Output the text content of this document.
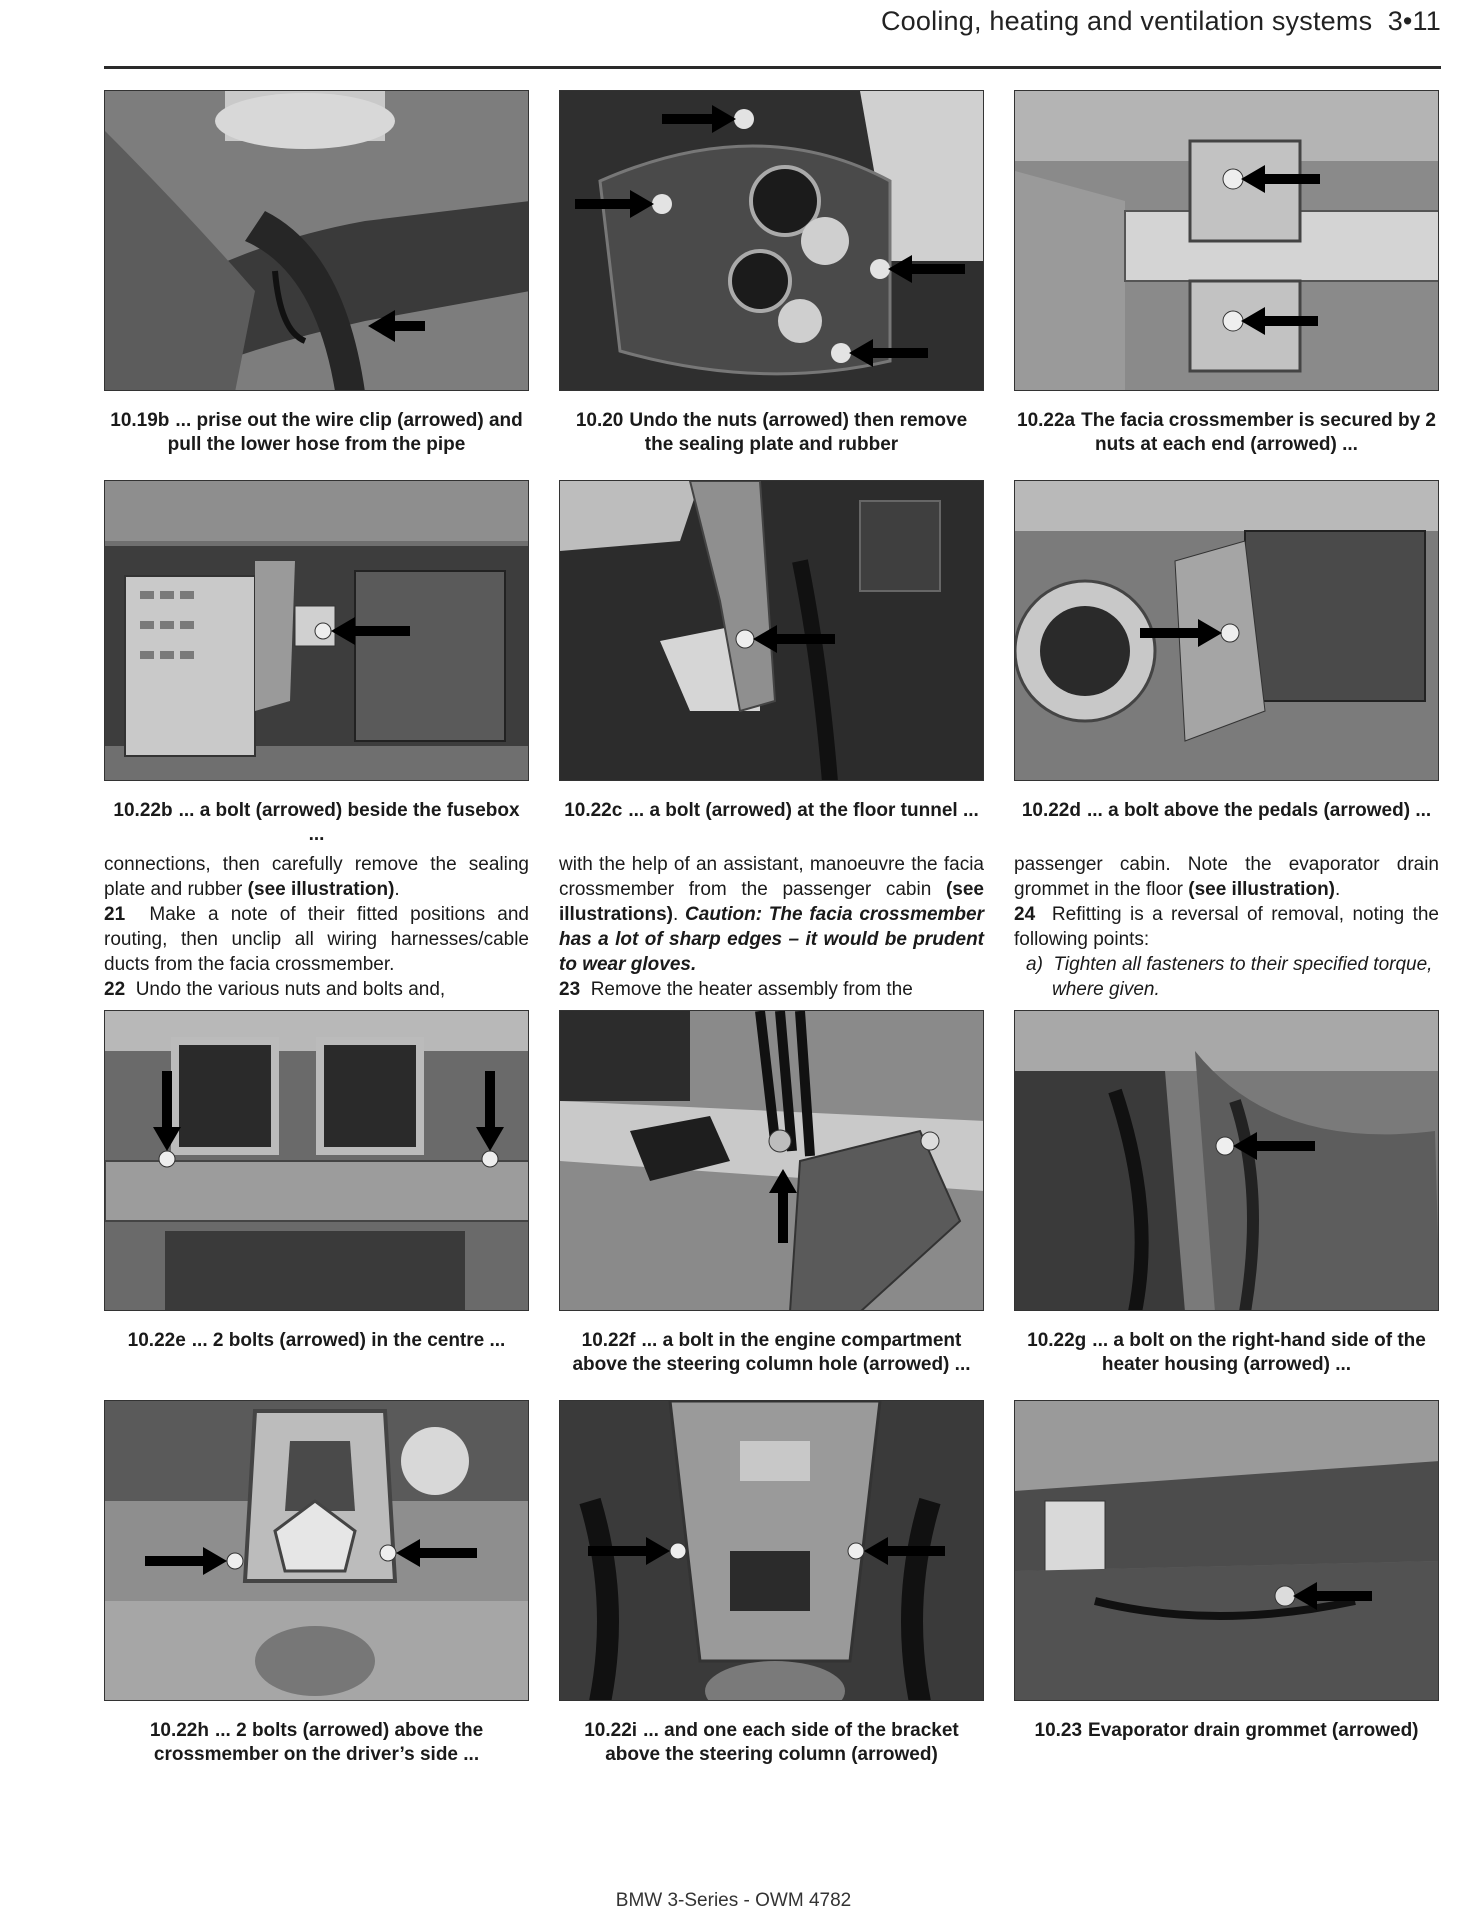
Cooling, heating and ventilation systems 3•11
10.19b ... prise out the wire clip (arrowed) and pull the lower hose from the pipe
10.20 Undo the nuts (arrowed) then remove the sealing plate and rubber
10.22a The facia crossmember is secured by 2 nuts at each end (arrowed) ...
10.22b ... a bolt (arrowed) beside the fusebox ...
10.22c ... a bolt (arrowed) at the floor tunnel ...	10.22d ... a bolt above the pedals (arrowed) ...

connections, then carefully remove the sealing plate and rubber (see illustration).

21 Make a note of their fitted positions and routing, then unclip all wiring harnesses/cable ducts from the facia crossmember.

22 Undo the various nuts and bolts and,

with the help of an assistant, manoeuvre the facia crossmember from the passenger cabin (see illustrations). Caution: The facia crossmember has a lot of sharp edges – it would be prudent to wear gloves.

23 Remove the heater assembly from the

passenger cabin. Note the evaporator drain grommet in the floor (see illustration).

24 Refitting is a reversal of removal, noting the following points:

a) Tighten all fasteners to their specified torque, where given.

10.22e ... 2 bolts (arrowed) in the centre ...	10.22f ... a bolt in the engine compartment above the steering column hole (arrowed) ...
10.22g ... a bolt on the right-hand side of the heater housing (arrowed) ...
10.22h ... 2 bolts (arrowed) above the crossmember on the driver’s side ...
10.22i ... and one each side of the bracket above the steering column (arrowed)
10.23 Evaporator drain grommet (arrowed)
BMW 3-Series - OWM 4782
